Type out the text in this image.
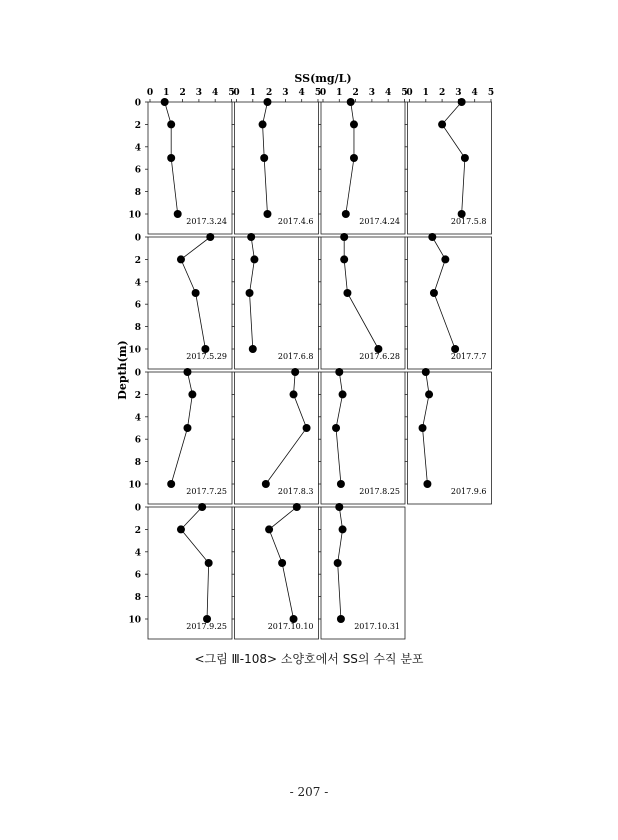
SS(mg/L)
Depth(m)
0
2
4
6
8
10
0 1 2 3 4 5
2017.3.24
0 1 2 3 4 5
2017.4.6
0 1 2 3 4 5
2017.4.24
0 1 2 3 4 5
2017.5.8
0
2
4
6
8
10
2017.5.29	2017.6.8	2017.6.28	2017.7.7
0
2
4
6
8
10
2017.7.25	2017.8.3	2017.8.25	2017.9.6
0
2
4
6
8
10
2017.9.25	2017.10.10	2017.10.31
<그림 Ⅲ-108> 소양호에서 SS의 수직 분포
- 207 -
